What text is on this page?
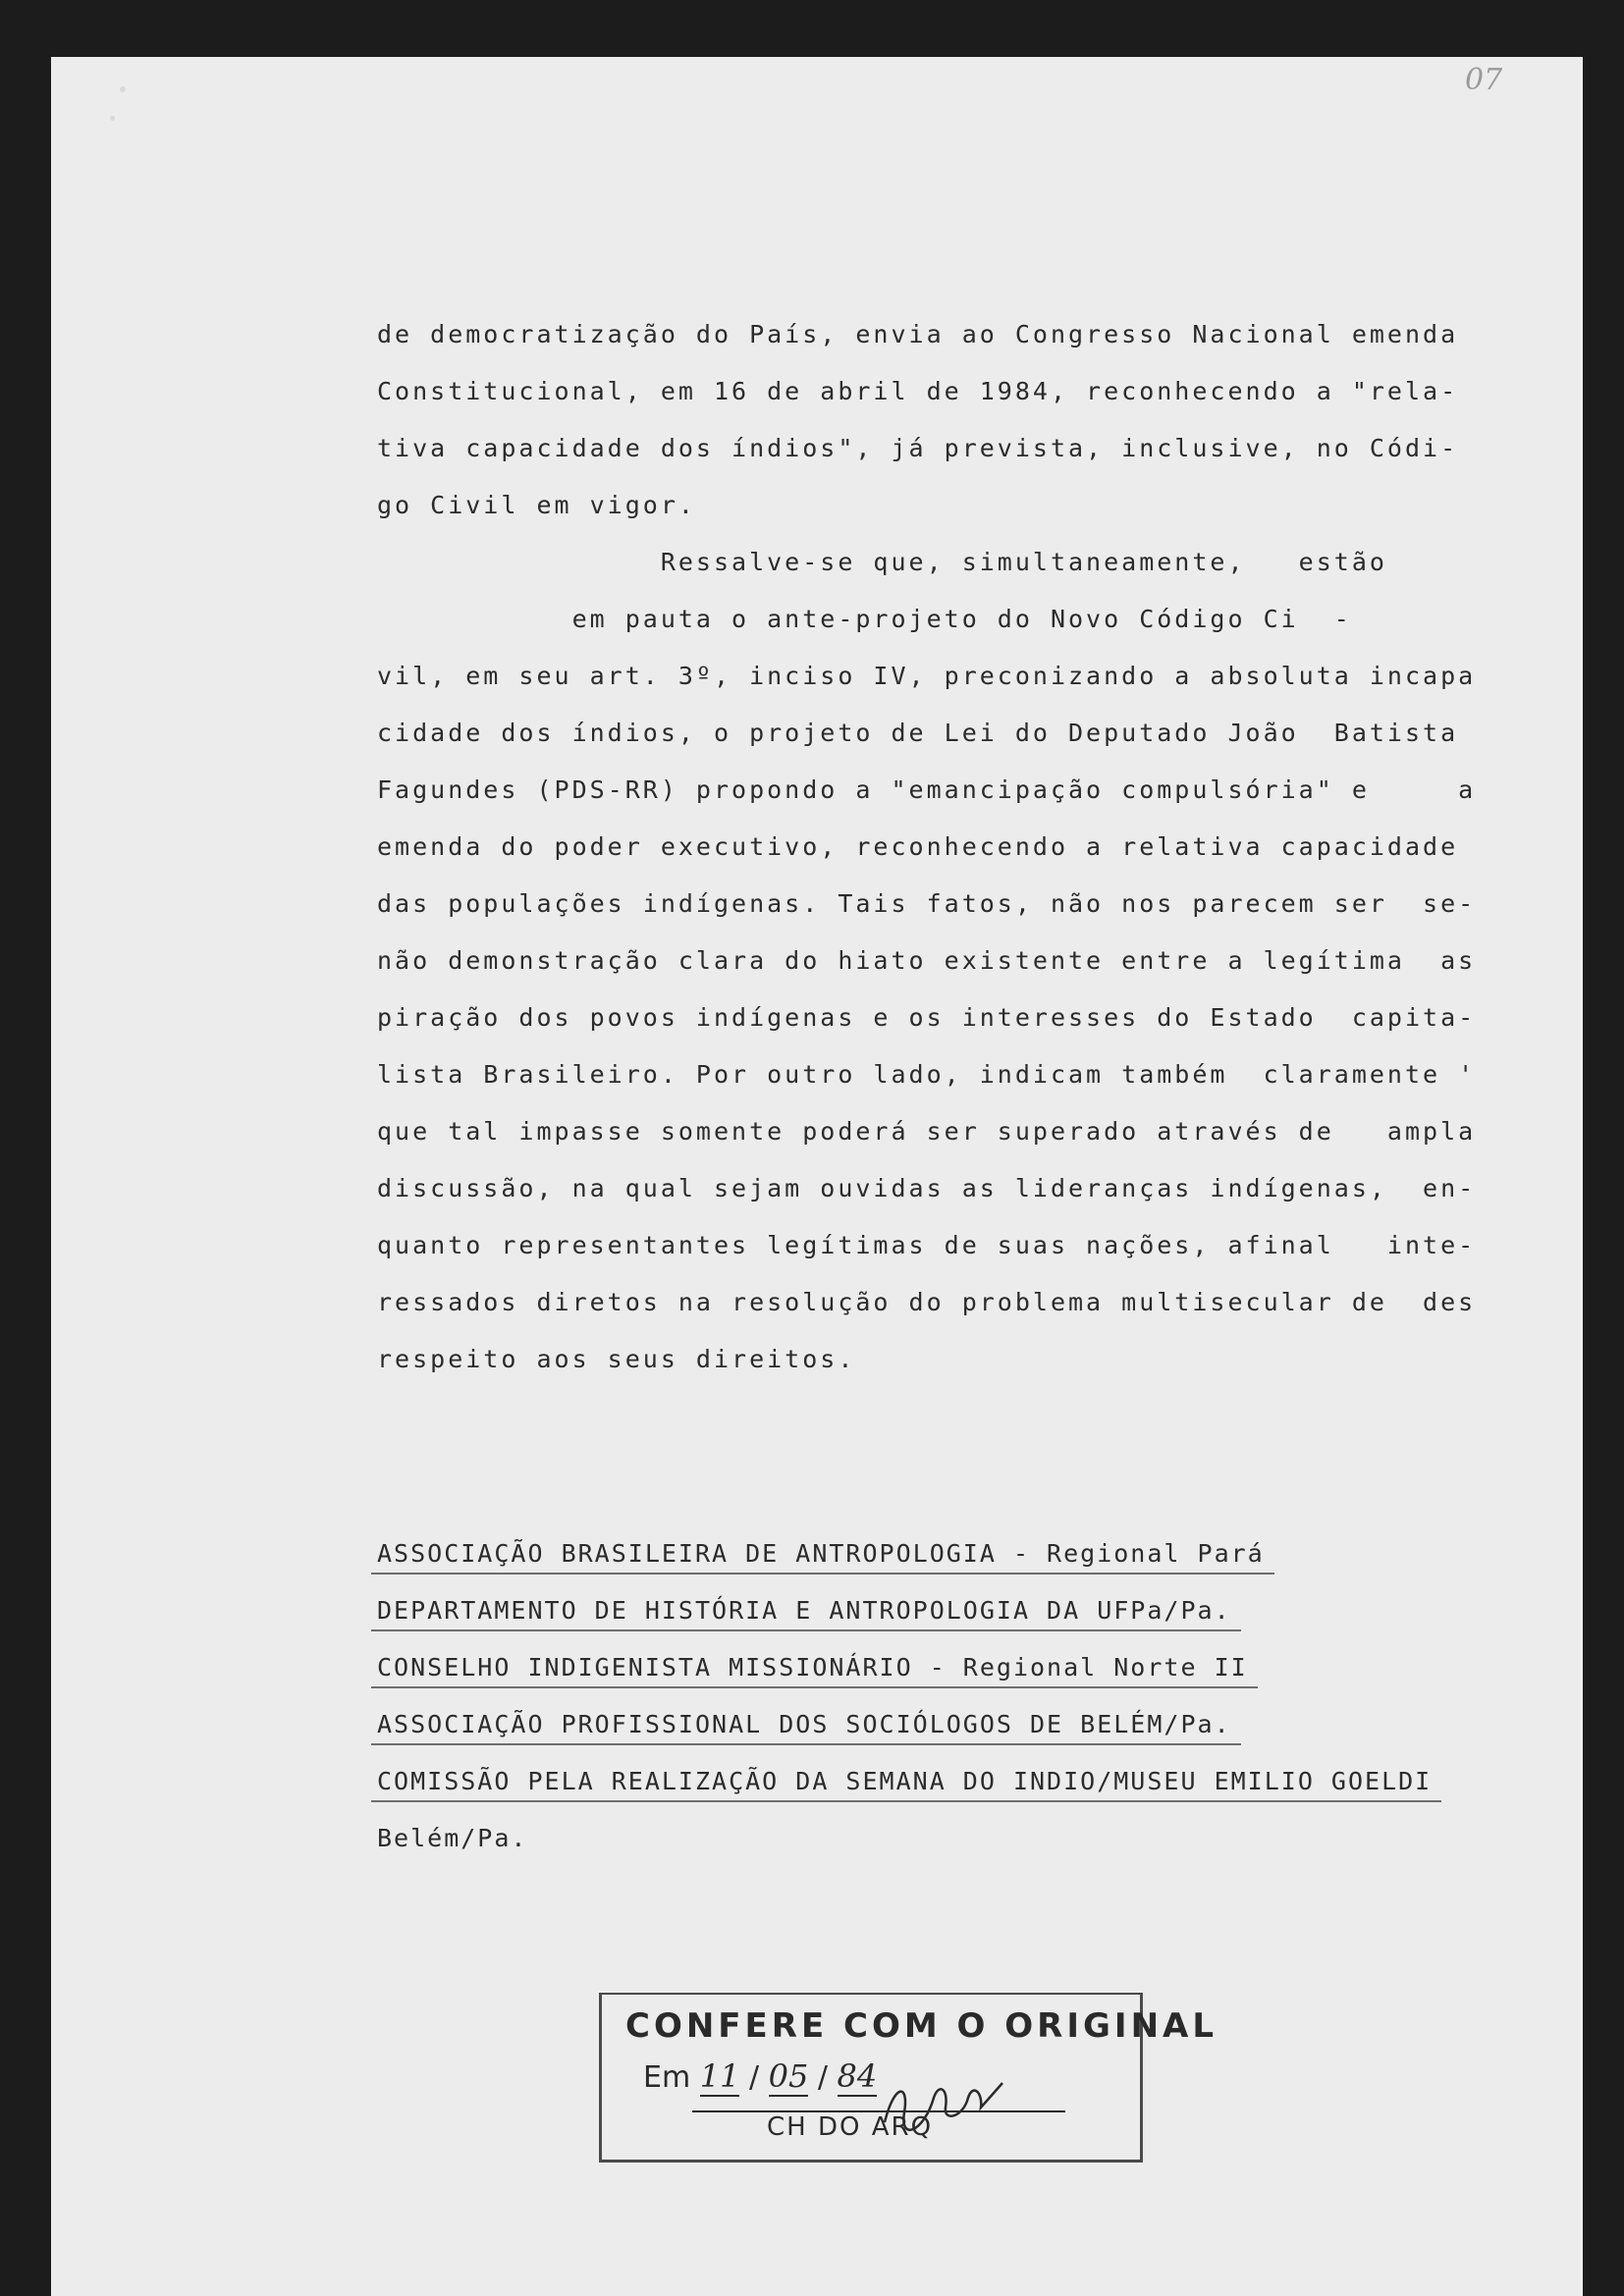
07
de democratização do País, envia ao Congresso Nacional emenda
Constitucional, em 16 de abril de 1984, reconhecendo a "rela-
tiva capacidade dos índios", já prevista, inclusive, no Códi-
go Civil em vigor.
Ressalve-se que, simultaneamente,   estão
em pauta o ante-projeto do Novo Código Ci  -
vil, em seu art. 3º, inciso IV, preconizando a absoluta incapa
cidade dos índios, o projeto de Lei do Deputado João  Batista
Fagundes (PDS-RR) propondo a "emancipação compulsória" e     a
emenda do poder executivo, reconhecendo a relativa capacidade
das populações indígenas. Tais fatos, não nos parecem ser  se-
não demonstração clara do hiato existente entre a legítima  as
piração dos povos indígenas e os interesses do Estado  capita-
lista Brasileiro. Por outro lado, indicam também  claramente '
que tal impasse somente poderá ser superado através de   ampla
discussão, na qual sejam ouvidas as lideranças indígenas,  en-
quanto representantes legítimas de suas nações, afinal   inte-
ressados diretos na resolução do problema multisecular de  des
respeito aos seus direitos.
ASSOCIAÇÃO BRASILEIRA DE ANTROPOLOGIA - Regional Pará
DEPARTAMENTO DE HISTÓRIA E ANTROPOLOGIA DA UFPa/Pa.
CONSELHO INDIGENISTA MISSIONÁRIO - Regional Norte II
ASSOCIAÇÃO PROFISSIONAL DOS SOCIÓLOGOS DE BELÉM/Pa.
COMISSÃO PELA REALIZAÇÃO DA SEMANA DO INDIO/MUSEU EMILIO GOELDI
Belém/Pa.
CONFERE COM O ORIGINAL
Em 11 / 05 / 84
CH DO ARQ
